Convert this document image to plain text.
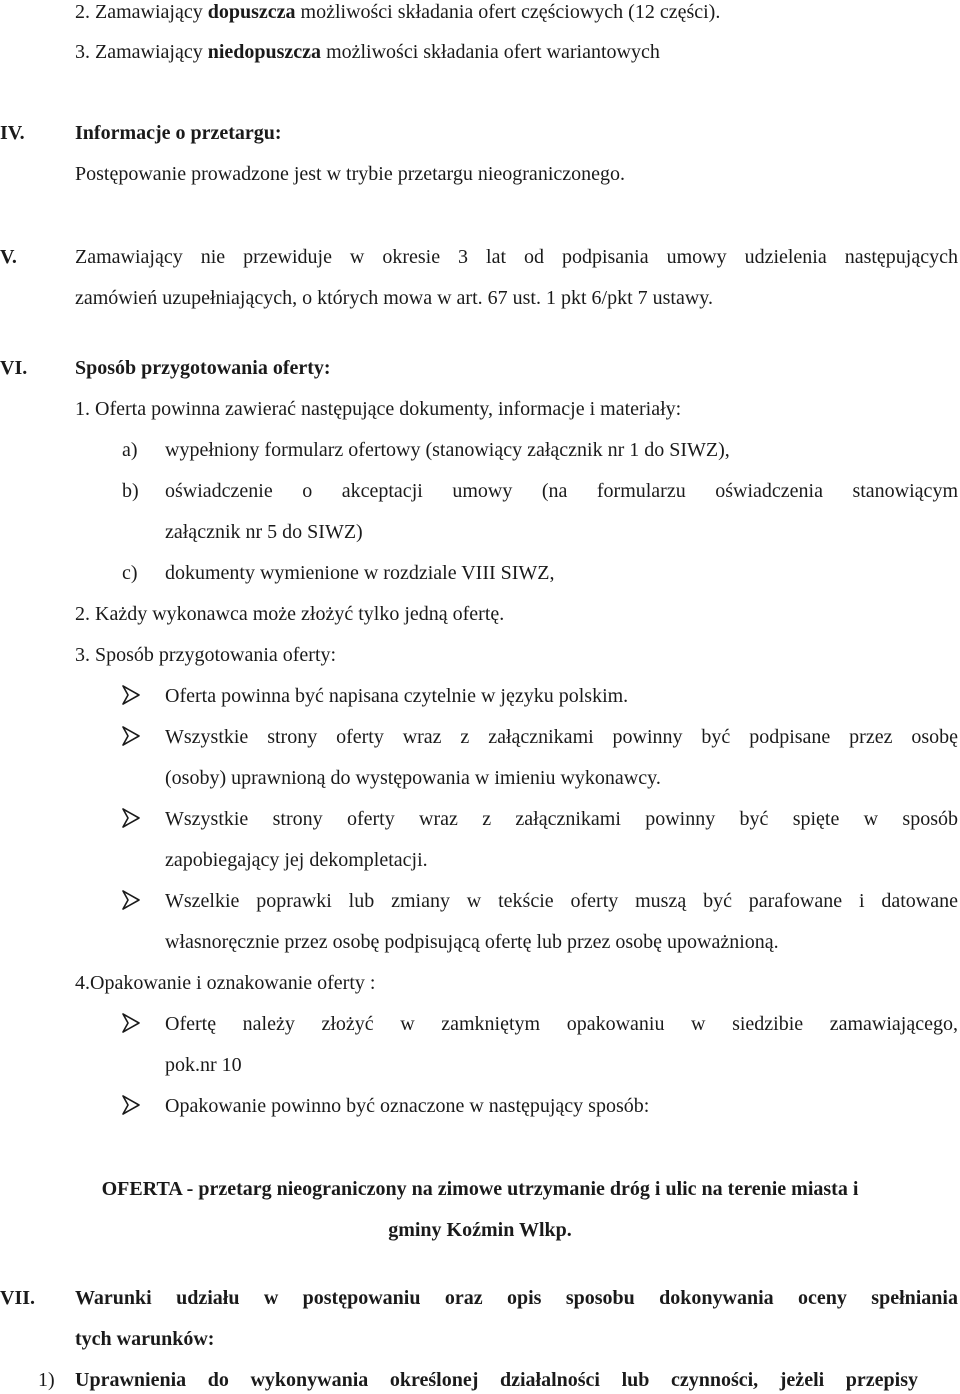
2. Zamawiający dopuszcza możliwości składania ofert częściowych (12 części).
3. Zamawiający niedopuszcza możliwości składania ofert wariantowych
IV.	Informacje o przetargu:
Postępowanie prowadzone jest w trybie przetargu nieograniczonego.
V.	Zamawiający nie przewiduje w okresie 3 lat od podpisania umowy udzielenia następujących
zamówień uzupełniających, o których mowa w art. 67 ust. 1 pkt 6/pkt 7 ustawy.
VI. Sposób przygotowania oferty:
1. Oferta powinna zawierać następujące dokumenty, informacje i materiały:
a) wypełniony formularz ofertowy (stanowiący załącznik nr 1 do SIWZ),
b) oświadczenie o akceptacji umowy (na formularzu oświadczenia stanowiącym
załącznik nr 5 do SIWZ)
c) dokumenty wymienione w rozdziale VIII SIWZ,
2. Każdy wykonawca może złożyć tylko jedną ofertę.
3. Sposób przygotowania oferty:
Oferta powinna być napisana czytelnie w języku polskim.
Wszystkie strony oferty wraz z załącznikami powinny być podpisane przez osobę
(osoby) uprawnioną do występowania w imieniu wykonawcy.
Wszystkie strony oferty wraz z załącznikami powinny być spięte w sposób
zapobiegający jej dekompletacji.
Wszelkie poprawki lub zmiany w tekście oferty muszą być parafowane i datowane
własnoręcznie przez osobę podpisującą ofertę lub przez osobę upoważnioną.
4.Opakowanie i oznakowanie oferty :
Ofertę należy złożyć w zamkniętym opakowaniu w siedzibie zamawiającego,
pok.nr 10
Opakowanie powinno być oznaczone w następujący sposób:
OFERTA - przetarg nieograniczony na zimowe utrzymanie dróg i ulic na terenie miasta i
gminy Koźmin Wlkp.
VII. Warunki udziału w postępowaniu oraz opis sposobu dokonywania oceny spełniania
tych warunków:
1) Uprawnienia do wykonywania określonej działalności lub czynności, jeżeli przepisy
